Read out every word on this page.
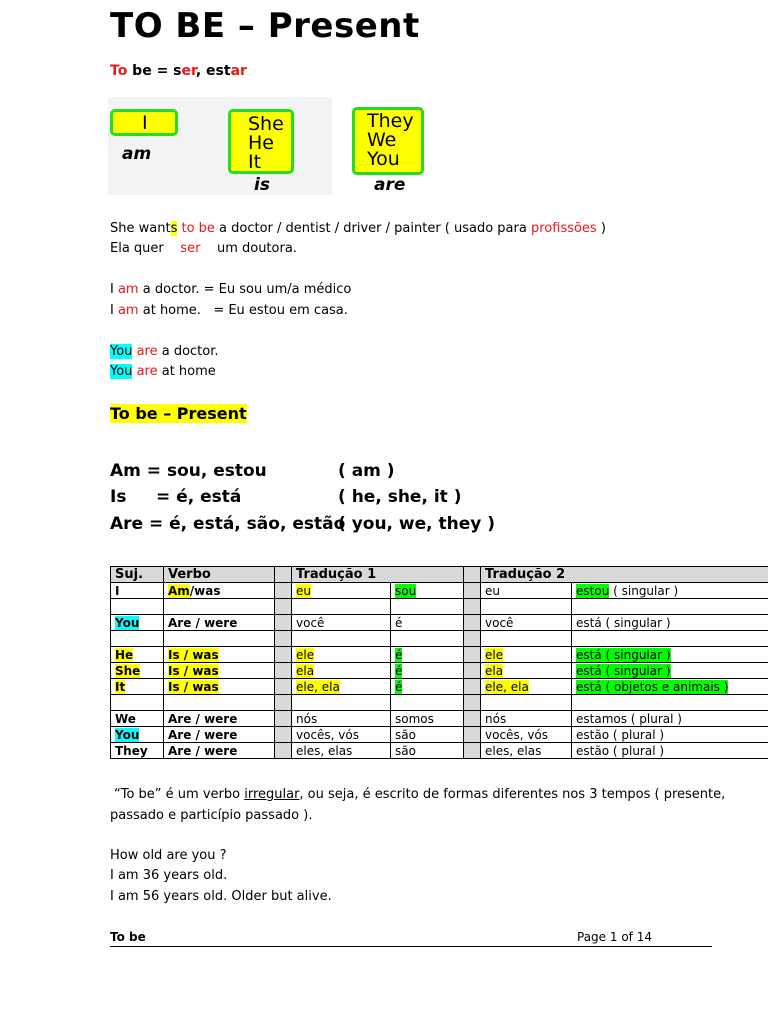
TO BE – Present
To be = ser, estar
I
am
She
He
It
is
They
We
You
are
She wants to be a doctor / dentist / driver / painter ( usado para profissões )
Ela quer    ser    um doutora.
I am a doctor. = Eu sou um/a médico
I am at home.   = Eu estou em casa.
You are a doctor.
You are at home
To be – Present
Am = sou, estou	( am )
Is     = é, está	( he, she, it )
Are = é, está, são, estão
( you, we, they )
Suj.	Verbo		Tradução 1			Tradução 2	
I	Am/was		eu	sou		eu	estou ( singular )

You	Are / were		você	é		você	está ( singular )

He	Is / was		ele	é		ele	está ( singular )
She	Is / was		ela	é		ela	está ( singular )
It	Is / was		ele, ela	é		ele, ela	está ( objetos e animais )

We	Are / were		nós	somos		nós	estamos ( plural )
You	Are / were		vocês, vós	são		vocês, vós	estão ( plural )
They	Are / were		eles, elas	são		eles, elas	estão ( plural )
“To be” é um verbo irregular, ou seja, é escrito de formas diferentes nos 3 tempos ( presente,
passado e particípio passado ).
How old are you ?
I am 36 years old.
I am 56 years old. Older but alive.
To be	Page 1 of 14
